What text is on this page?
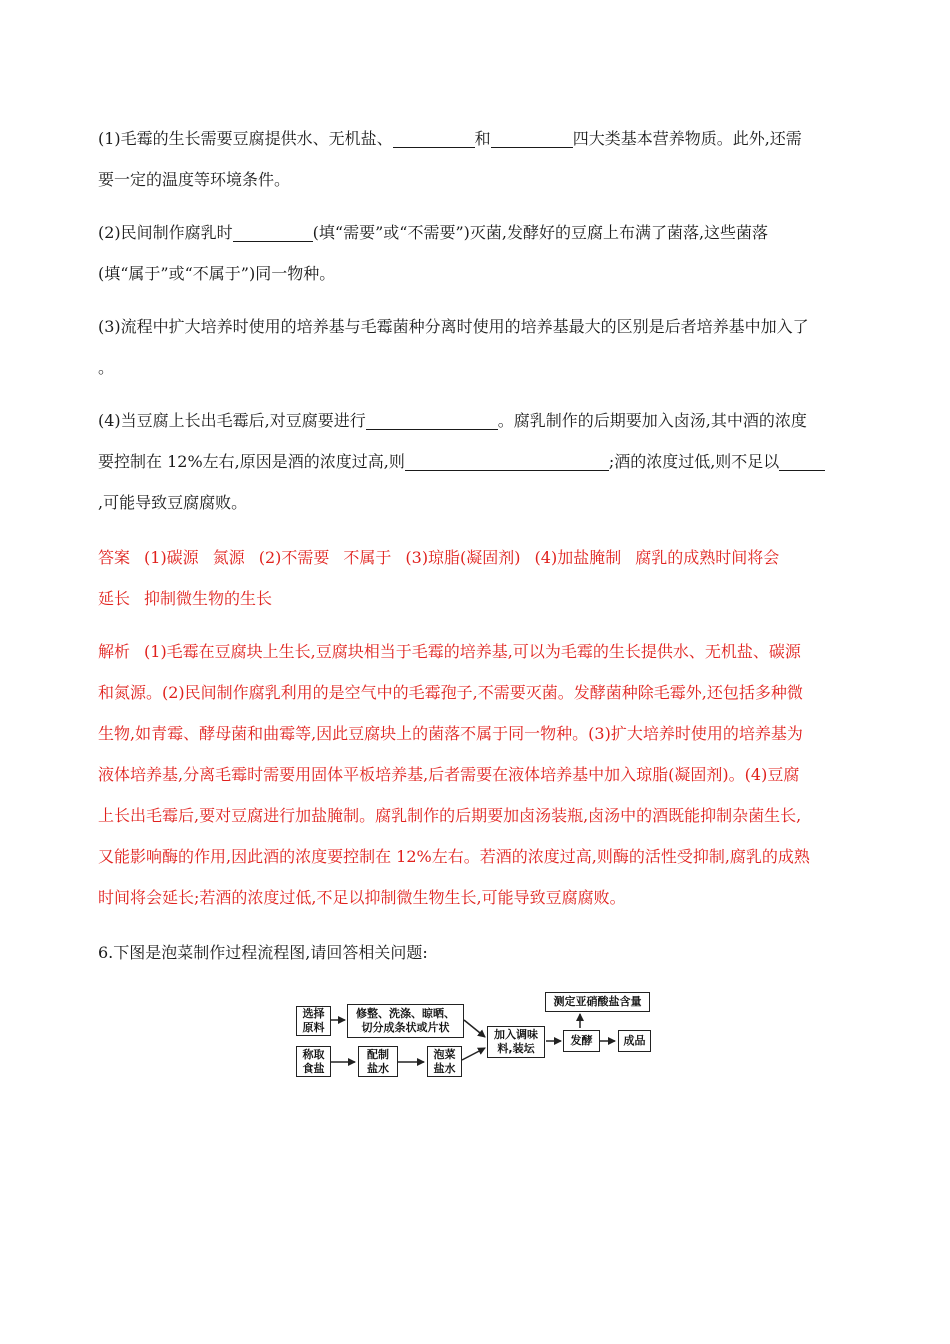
(1)毛霉的生长需要豆腐提供水、无机盐、	和	四大类基本营养物质。此外,还需
要一定的温度等环境条件。
(2)民间制作腐乳时	(填“需要”或“不需要”)灭菌,发酵好的豆腐上布满了菌落,这些菌落
(填“属于”或“不属于”)同一物种。
(3)流程中扩大培养时使用的培养基与毛霉菌种分离时使用的培养基最大的区别是后者培养基中加入了
。
(4)当豆腐上长出毛霉后,对豆腐要进行	。腐乳制作的后期要加入卤汤,其中酒的浓度
要控制在 12%左右,原因是酒的浓度过高,则	;酒的浓度过低,则不足以
,可能导致豆腐腐败。
答案 (1)碳源 氮源 (2)不需要 不属于 (3)琼脂(凝固剂) (4)加盐腌制 腐乳的成熟时间将会
延长 抑制微生物的生长
解析 (1)毛霉在豆腐块上生长,豆腐块相当于毛霉的培养基,可以为毛霉的生长提供水、无机盐、碳源
和氮源。(2)民间制作腐乳利用的是空气中的毛霉孢子,不需要灭菌。发酵菌种除毛霉外,还包括多种微
生物,如青霉、酵母菌和曲霉等,因此豆腐块上的菌落不属于同一物种。(3)扩大培养时使用的培养基为
液体培养基,分离毛霉时需要用固体平板培养基,后者需要在液体培养基中加入琼脂(凝固剂)。(4)豆腐
上长出毛霉后,要对豆腐进行加盐腌制。腐乳制作的后期要加卤汤装瓶,卤汤中的酒既能抑制杂菌生长,
又能影响酶的作用,因此酒的浓度要控制在 12%左右。若酒的浓度过高,则酶的活性受抑制,腐乳的成熟
时间将会延长;若酒的浓度过低,不足以抑制微生物生长,可能导致豆腐腐败。
6.下图是泡菜制作过程流程图,请回答相关问题:
选择
原料
修整、洗涤、晾晒、
切分成条状或片状
称取
食盐
配制
盐水
泡菜
盐水
加入调味
料,装坛
发酵
测定亚硝酸盐含量
成品
